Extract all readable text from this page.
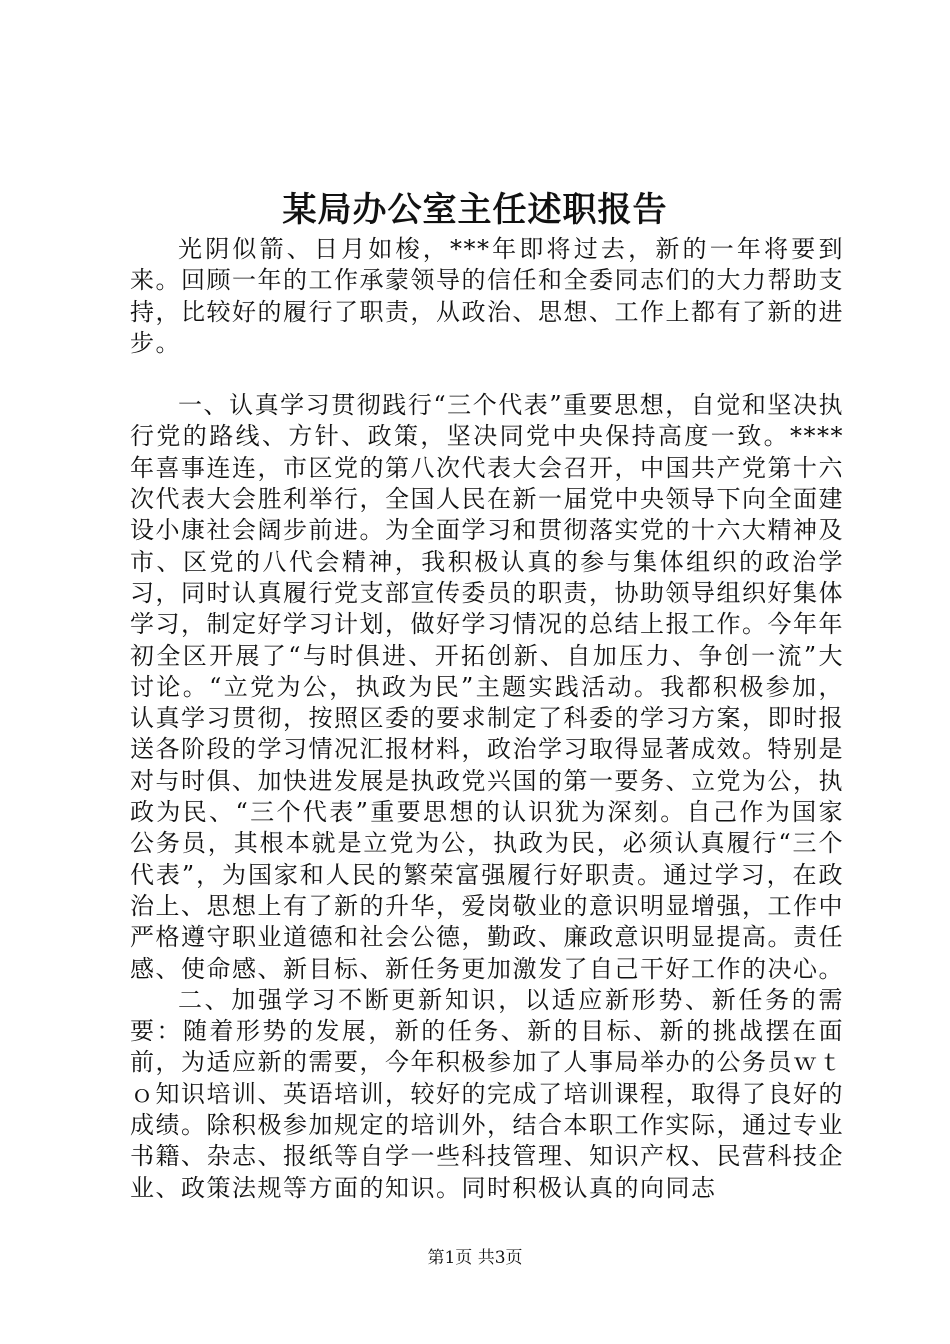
某局办公室主任述职报告

光阴似箭、日月如梭，***年即将过去，新的一年将要到来。回顾一年的工作承蒙领导的信任和全委同志们的大力帮助支持，比较好的履行了职责，从政治、思想、工作上都有了新的进步。

一、认真学习贯彻践行“三个代表”重要思想，自觉和坚决执行党的路线、方针、政策，坚决同党中央保持高度一致。****年喜事连连，市区党的第八次代表大会召开，中国共产党第十六次代表大会胜利举行，全国人民在新一届党中央领导下向全面建设小康社会阔步前进。为全面学习和贯彻落实党的十六大精神及市、区党的八代会精神，我积极认真的参与集体组织的政治学习，同时认真履行党支部宣传委员的职责，协助领导组织好集体学习，制定好学习计划，做好学习情况的总结上报工作。今年年初全区开展了“与时俱进、开拓创新、自加压力、争创一流”大讨论。“立党为公，执政为民”主题实践活动。我都积极参加，认真学习贯彻，按照区委的要求制定了科委的学习方案，即时报送各阶段的学习情况汇报材料，政治学习取得显著成效。特别是对与时俱、加快进发展是执政党兴国的第一要务、立党为公，执政为民、“三个代表”重要思想的认识犹为深刻。自己作为国家公务员，其根本就是立党为公，执政为民，必须认真履行“三个代表”，为国家和人民的繁荣富强履行好职责。通过学习，在政治上、思想上有了新的升华，爱岗敬业的意识明显增强，工作中严格遵守职业道德和社会公德，勤政、廉政意识明显提高。责任感、使命感、新目标、新任务更加激发了自己干好工作的决心。

二、加强学习不断更新知识，以适应新形势、新任务的需要：随着形势的发展，新的任务、新的目标、新的挑战摆在面前，为适应新的需要，今年积极参加了人事局举办的公务员ｗｔｏ知识培训、英语培训，较好的完成了培训课程，取得了良好的成绩。除积极参加规定的培训外，结合本职工作实际，通过专业书籍、杂志、报纸等自学一些科技管理、知识产权、民营科技企业、政策法规等方面的知识。同时积极认真的向同志

第1页 共3页
